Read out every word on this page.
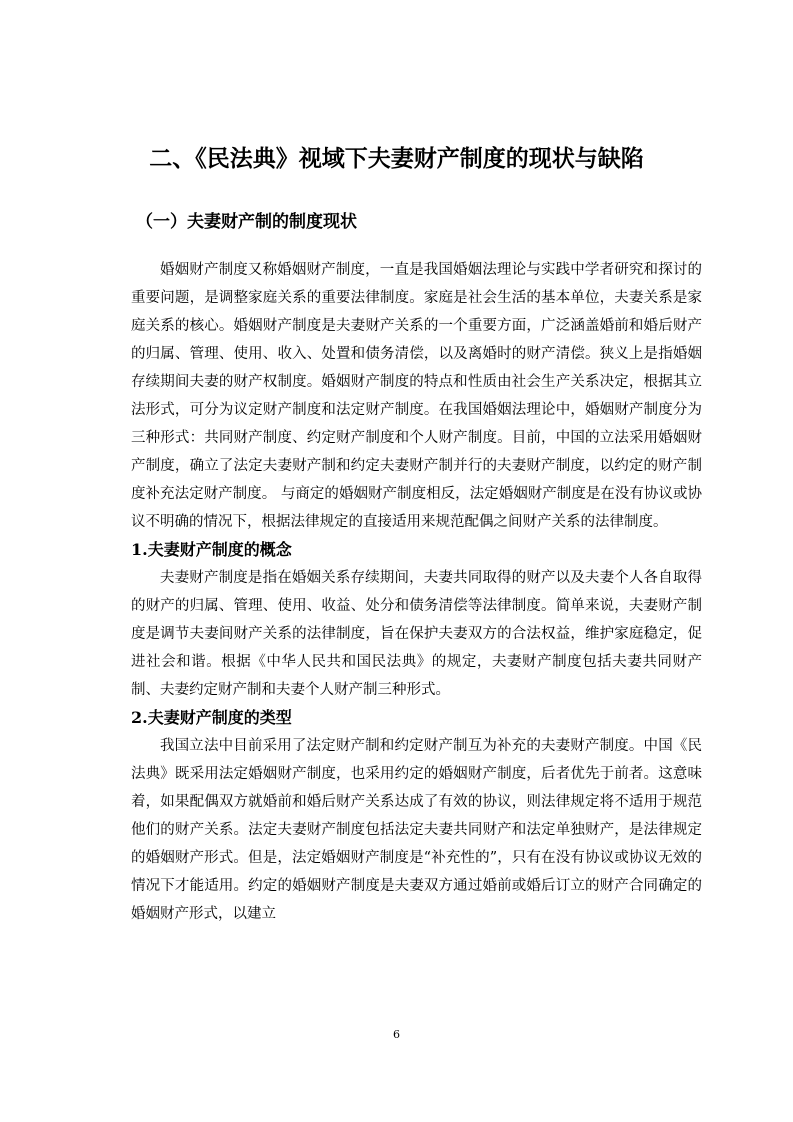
二、《民法典》视域下夫妻财产制度的现状与缺陷
（一）夫妻财产制的制度现状

婚姻财产制度又称婚姻财产制度，一直是我国婚姻法理论与实践中学者研究和探讨的重要问题，是调整家庭关系的重要法律制度。家庭是社会生活的基本单位，夫妻关系是家庭关系的核心。婚姻财产制度是夫妻财产关系的一个重要方面，广泛涵盖婚前和婚后财产的归属、管理、使用、收入、处置和债务清偿，以及离婚时的财产清偿。狭义上是指婚姻存续期间夫妻的财产权制度。婚姻财产制度的特点和性质由社会生产关系决定，根据其立法形式，可分为议定财产制度和法定财产制度。在我国婚姻法理论中，婚姻财产制度分为三种形式：共同财产制度、约定财产制度和个人财产制度。目前，中国的立法采用婚姻财产制度，确立了法定夫妻财产制和约定夫妻财产制并行的夫妻财产制度，以约定的财产制度补充法定财产制度。 与商定的婚姻财产制度相反，法定婚姻财产制度是在没有协议或协议不明确的情况下，根据法律规定的直接适用来规范配偶之间财产关系的法律制度。

1.夫妻财产制度的概念

夫妻财产制度是指在婚姻关系存续期间，夫妻共同取得的财产以及夫妻个人各自取得的财产的归属、管理、使用、收益、处分和债务清偿等法律制度。简单来说，夫妻财产制度是调节夫妻间财产关系的法律制度，旨在保护夫妻双方的合法权益，维护家庭稳定，促进社会和谐。根据《中华人民共和国民法典》的规定，夫妻财产制度包括夫妻共同财产制、夫妻约定财产制和夫妻个人财产制三种形式。

2.夫妻财产制度的类型

我国立法中目前采用了法定财产制和约定财产制互为补充的夫妻财产制度。中国《民法典》既采用法定婚姻财产制度，也采用约定的婚姻财产制度，后者优先于前者。这意味着，如果配偶双方就婚前和婚后财产关系达成了有效的协议，则法律规定将不适用于规范他们的财产关系。法定夫妻财产制度包括法定夫妻共同财产和法定单独财产，是法律规定的婚姻财产形式。但是，法定婚姻财产制度是“补充性的”，只有在没有协议或协议无效的情况下才能适用。约定的婚姻财产制度是夫妻双方通过婚前或婚后订立的财产合同确定的婚姻财产形式，以建立

6
